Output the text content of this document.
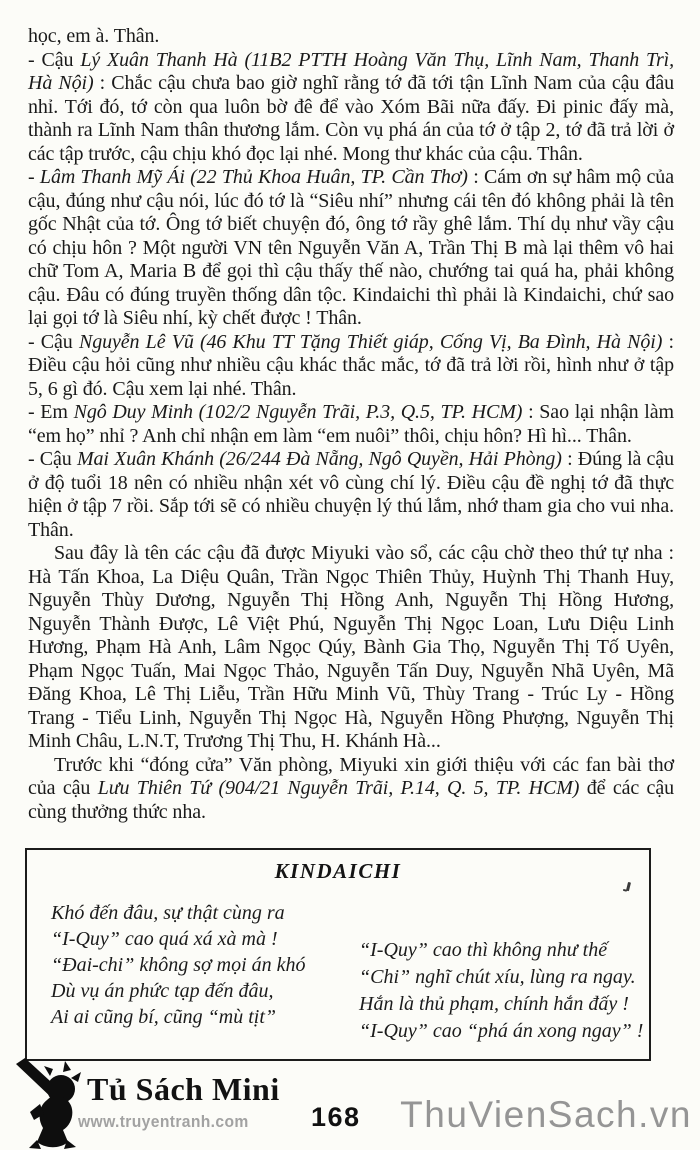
học, em à. Thân.

- Cậu Lý Xuân Thanh Hà (11B2 PTTH Hoàng Văn Thụ, Lĩnh Nam, Thanh Trì, Hà Nội) : Chắc cậu chưa bao giờ nghĩ rằng tớ đã tới tận Lĩnh Nam của cậu đâu nhỉ. Tới đó, tớ còn qua luôn bờ đê để vào Xóm Bãi nữa đấy. Đi pinic đấy mà, thành ra Lĩnh Nam thân thương lắm. Còn vụ phá án của tớ ở tập 2, tớ đã trả lời ở các tập trước, cậu chịu khó đọc lại nhé. Mong thư khác của cậu. Thân.

- Lâm Thanh Mỹ Ái (22 Thủ Khoa Huân, TP. Cần Thơ) : Cám ơn sự hâm mộ của cậu, đúng như cậu nói, lúc đó tớ là “Siêu nhí” nhưng cái tên đó không phải là tên gốc Nhật của tớ. Ông tớ biết chuyện đó, ông tớ rầy ghê lắm. Thí dụ như vầy cậu có chịu hôn ? Một người VN tên Nguyễn Văn A, Trần Thị B mà lại thêm vô hai chữ Tom A, Maria B để gọi thì cậu thấy thế nào, chướng tai quá ha, phải không cậu. Đâu có đúng truyền thống dân tộc. Kindaichi thì phải là Kindaichi, chứ sao lại gọi tớ là Siêu nhí, kỳ chết được ! Thân.

- Cậu Nguyễn Lê Vũ (46 Khu TT Tặng Thiết giáp, Cống Vị, Ba Đình, Hà Nội) : Điều cậu hỏi cũng như nhiều cậu khác thắc mắc, tớ đã trả lời rồi, hình như ở tập 5, 6 gì đó. Cậu xem lại nhé. Thân.

- Em Ngô Duy Minh (102/2 Nguyễn Trãi, P.3, Q.5, TP. HCM) : Sao lại nhận làm “em họ” nhỉ ? Anh chỉ nhận em làm “em nuôi” thôi, chịu hôn? Hì hì... Thân.

- Cậu Mai Xuân Khánh (26/244 Đà Nẵng, Ngô Quyền, Hải Phòng) : Đúng là cậu ở độ tuổi 18 nên có nhiều nhận xét vô cùng chí lý. Điều cậu đề nghị tớ đã thực hiện ở tập 7 rồi. Sắp tới sẽ có nhiều chuyện lý thú lắm, nhớ tham gia cho vui nha. Thân.

Sau đây là tên các cậu đã được Miyuki vào sổ, các cậu chờ theo thứ tự nha : Hà Tấn Khoa, La Diệu Quân, Trần Ngọc Thiên Thủy, Huỳnh Thị Thanh Huy, Nguyễn Thùy Dương, Nguyễn Thị Hồng Anh, Nguyễn Thị Hồng Hương, Nguyễn Thành Được, Lê Việt Phú, Nguyễn Thị Ngọc Loan, Lưu Diệu Linh Hương, Phạm Hà Anh, Lâm Ngọc Qúy, Bành Gia Thọ, Nguyễn Thị Tố Uyên, Phạm Ngọc Tuấn, Mai Ngọc Thảo, Nguyễn Tấn Duy, Nguyễn Nhã Uyên, Mã Đăng Khoa, Lê Thị Liễu, Trần Hữu Minh Vũ, Thùy Trang - Trúc Ly - Hồng Trang - Tiểu Linh, Nguyễn Thị Ngọc Hà, Nguyễn Hồng Phượng, Nguyễn Thị Minh Châu, L.N.T, Trương Thị Thu, H. Khánh Hà...

Trước khi “đóng cửa” Văn phòng, Miyuki xin giới thiệu với các fan bài thơ của cậu Lưu Thiên Tứ (904/21 Nguyễn Trãi, P.14, Q. 5, TP. HCM) để các cậu cùng thưởng thức nha.

KINDAICHI
Khó đến đâu, sự thật cùng ra
“I-Quy” cao quá xá xà mà !
“Đai-chi” không sợ mọi án khó
Dù vụ án phức tạp đến đâu,
Ai ai cũng bí, cũng “mù tịt”
“I-Quy” cao thì không như thế
“Chi” nghĩ chút xíu, lùng ra ngay.
Hắn là thủ phạm, chính hắn đấy !
“I-Quy” cao “phá án xong ngay” !
Tủ Sách Mini
www.truyentranh.com 168 ThuVienSach.vn
